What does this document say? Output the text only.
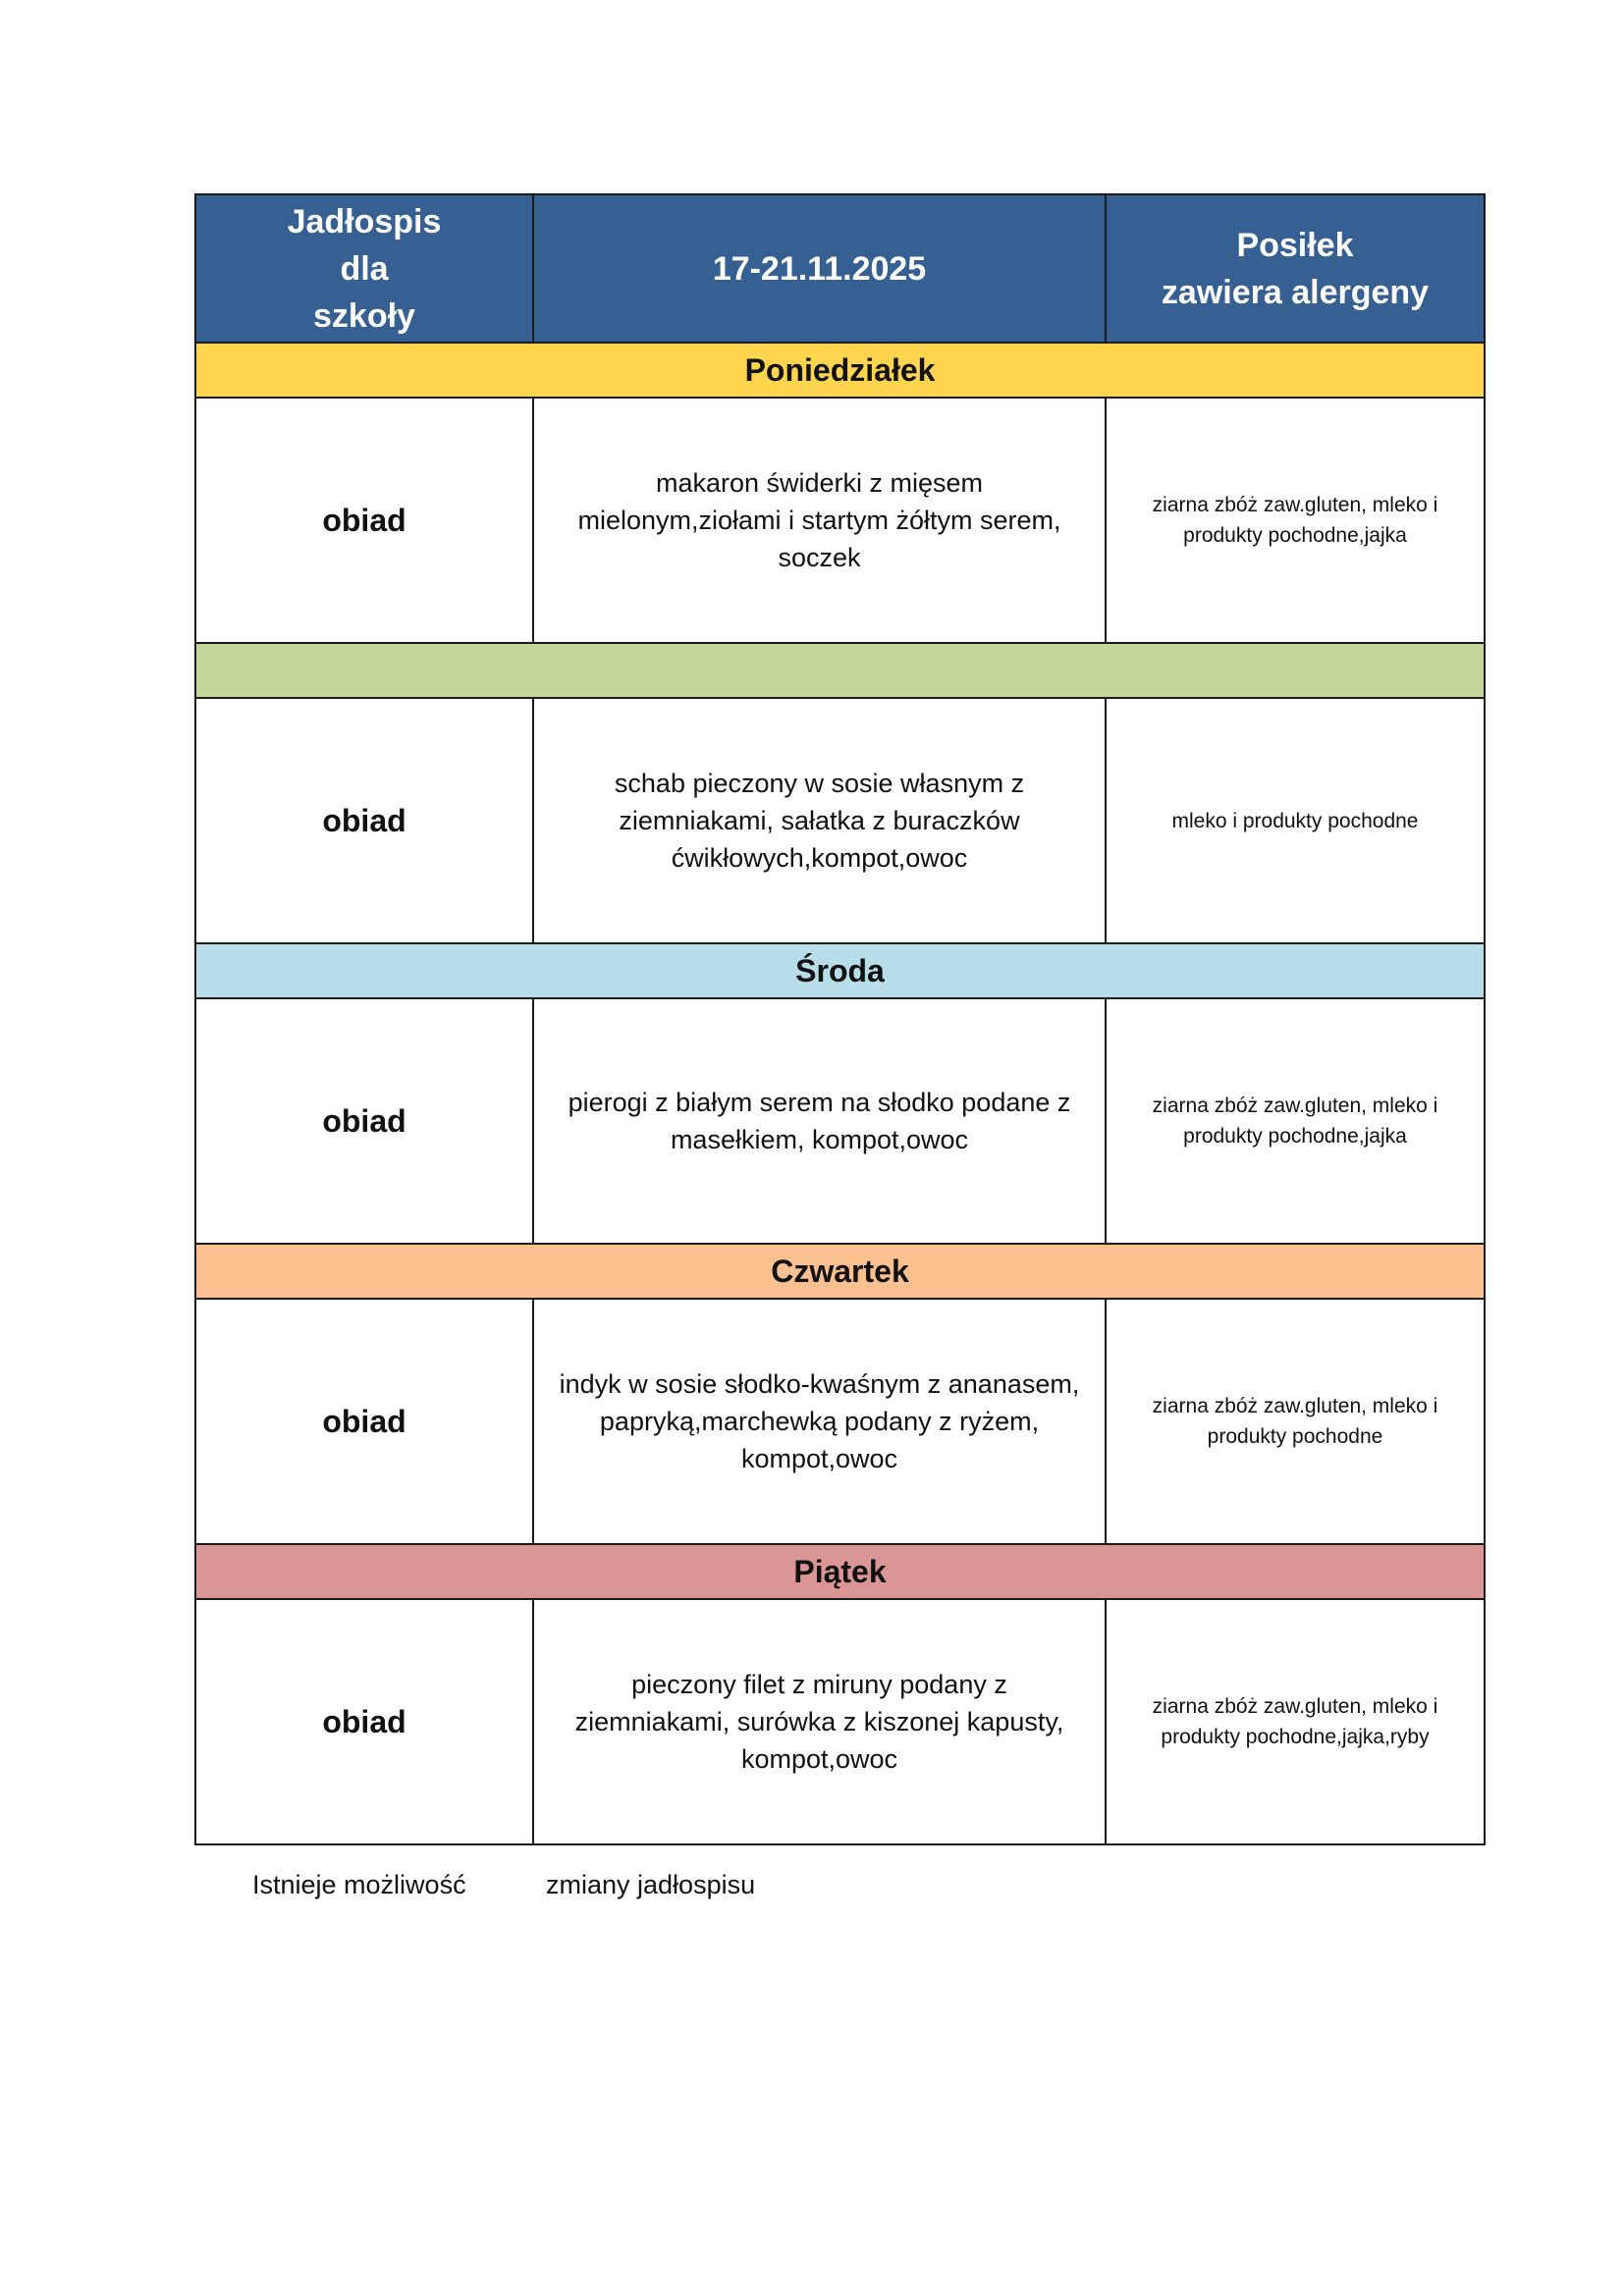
Jadłospis
dla
szkoły	17-21.11.2025	Posiłek
zawiera alergeny

Poniedziałek		
obiad	makaron świderki z mięsem mielonym,ziołami i startym żółtym serem, soczek	ziarna zbóż zaw.gluten, mleko i produkty pochodne,jajka

obiad	schab pieczony w sosie własnym z ziemniakami, sałatka z buraczków ćwikłowych,kompot,owoc	mleko i produkty pochodne
Środa		
obiad	pierogi z białym serem na słodko podane z masełkiem, kompot,owoc	ziarna zbóż zaw.gluten, mleko i produkty pochodne,jajka
Czwartek		
obiad	indyk w sosie słodko-kwaśnym z ananasem, papryką,marchewką podany z ryżem, kompot,owoc	ziarna zbóż zaw.gluten, mleko i produkty pochodne
Piątek		
obiad	pieczony filet z miruny podany z ziemniakami, surówka z kiszonej kapusty, kompot,owoc	ziarna zbóż zaw.gluten, mleko i produkty pochodne,jajka,ryby
Istnieje możliwość	zmiany jadłospisu
